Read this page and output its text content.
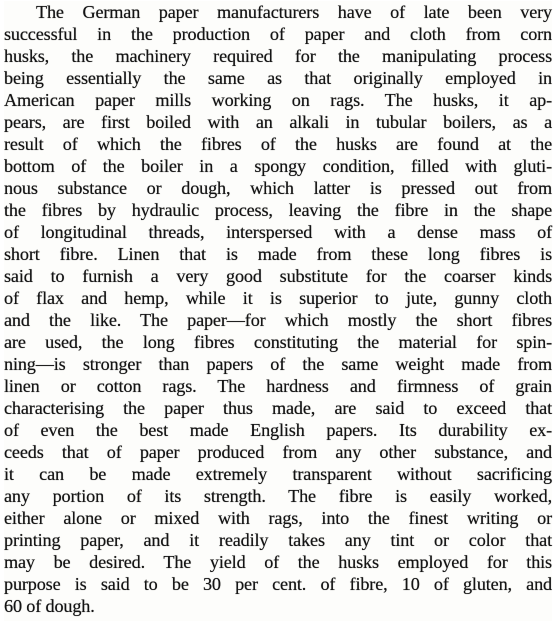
The German paper manufacturers have of late been very
successful in the production of paper and cloth from corn
husks, the machinery required for the manipulating process
being essentially the same as that originally employed in
American paper mills working on rags. The husks, it ap-
pears, are first boiled with an alkali in tubular boilers, as a
result of which the fibres of the husks are found at the
bottom of the boiler in a spongy condition, filled with gluti-
nous substance or dough, which latter is pressed out from
the fibres by hydraulic process, leaving the fibre in the shape
of longitudinal threads, interspersed with a dense mass of
short fibre. Linen that is made from these long fibres is
said to furnish a very good substitute for the coarser kinds
of flax and hemp, while it is superior to jute, gunny cloth
and the like. The paper—for which mostly the short fibres
are used, the long fibres constituting the material for spin-
ning—is stronger than papers of the same weight made from
linen or cotton rags. The hardness and firmness of grain
characterising the paper thus made, are said to exceed that
of even the best made English papers. Its durability ex-
ceeds that of paper produced from any other substance, and
it can be made extremely transparent without sacrificing
any portion of its strength. The fibre is easily worked,
either alone or mixed with rags, into the finest writing or
printing paper, and it readily takes any tint or color that
may be desired. The yield of the husks employed for this
purpose is said to be 30 per cent. of fibre, 10 of gluten, and
60 of dough.
